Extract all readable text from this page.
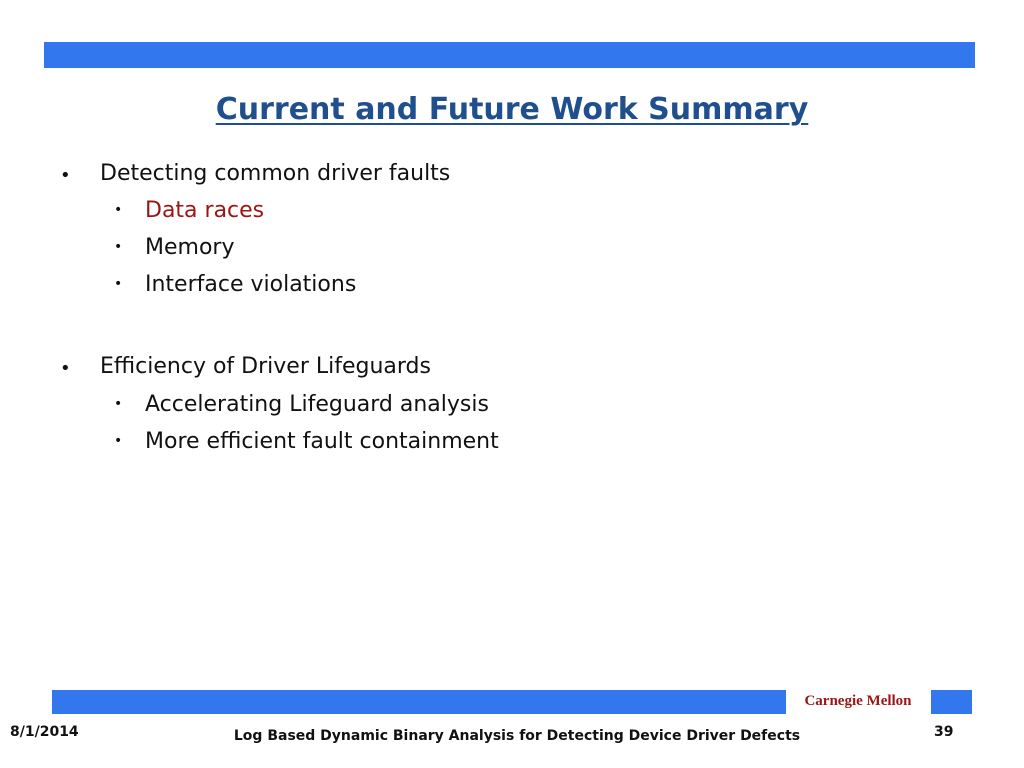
Current and Future Work Summary
• Detecting common driver faults
• Data races
• Memory
• Interface violations
• Efficiency of Driver Lifeguards
• Accelerating Lifeguard analysis
• More efficient fault containment
Carnegie Mellon
8/1/2014	Log Based Dynamic Binary Analysis for Detecting Device Driver Defects	39
